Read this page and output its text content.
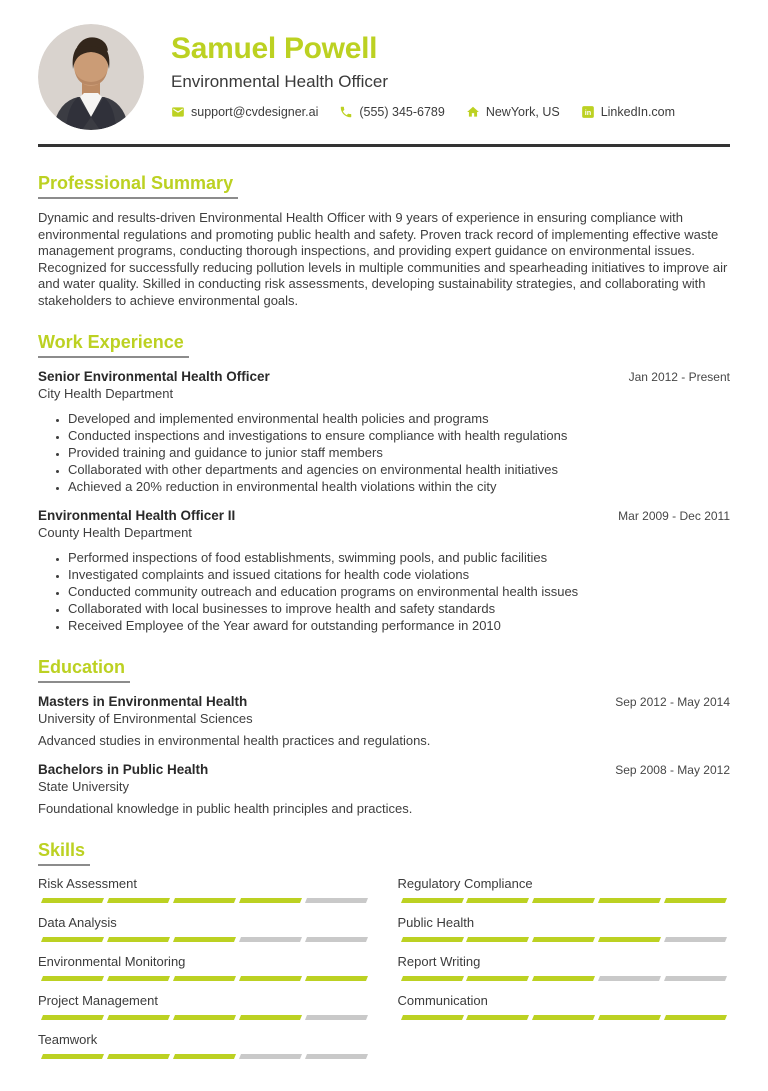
Samuel Powell
Environmental Health Officer
support@cvdesigner.ai	(555) 345-6789	NewYork, US in LinkedIn.com
Professional Summary

Dynamic and results-driven Environmental Health Officer with 9 years of experience in ensuring compliance with environmental regulations and promoting public health and safety. Proven track record of implementing effective waste management programs, conducting thorough inspections, and providing expert guidance on environmental issues. Recognized for successfully reducing pollution levels in multiple communities and spearheading initiatives to improve air and water quality. Skilled in conducting risk assessments, developing sustainability strategies, and collaborating with stakeholders to achieve environmental goals.

Work Experience
Senior Environmental Health Officer	Jan 2012 - Present
City Health Department
• Developed and implemented environmental health policies and programs
• Conducted inspections and investigations to ensure compliance with health regulations
• Provided training and guidance to junior staff members
• Collaborated with other departments and agencies on environmental health initiatives
• Achieved a 20% reduction in environmental health violations within the city
Environmental Health Officer II	Mar 2009 - Dec 2011
County Health Department
• Performed inspections of food establishments, swimming pools, and public facilities
• Investigated complaints and issued citations for health code violations
• Conducted community outreach and education programs on environmental health issues
• Collaborated with local businesses to improve health and safety standards
• Received Employee of the Year award for outstanding performance in 2010
Education
Masters in Environmental Health	Sep 2012 - May 2014
University of Environmental Sciences
Advanced studies in environmental health practices and regulations.
Bachelors in Public Health	Sep 2008 - May 2012
State University
Foundational knowledge in public health principles and practices.
Skills
Risk Assessment	Regulatory Compliance
Data Analysis	Public Health
Environmental Monitoring	Report Writing
Project Management	Communication
Teamwork
